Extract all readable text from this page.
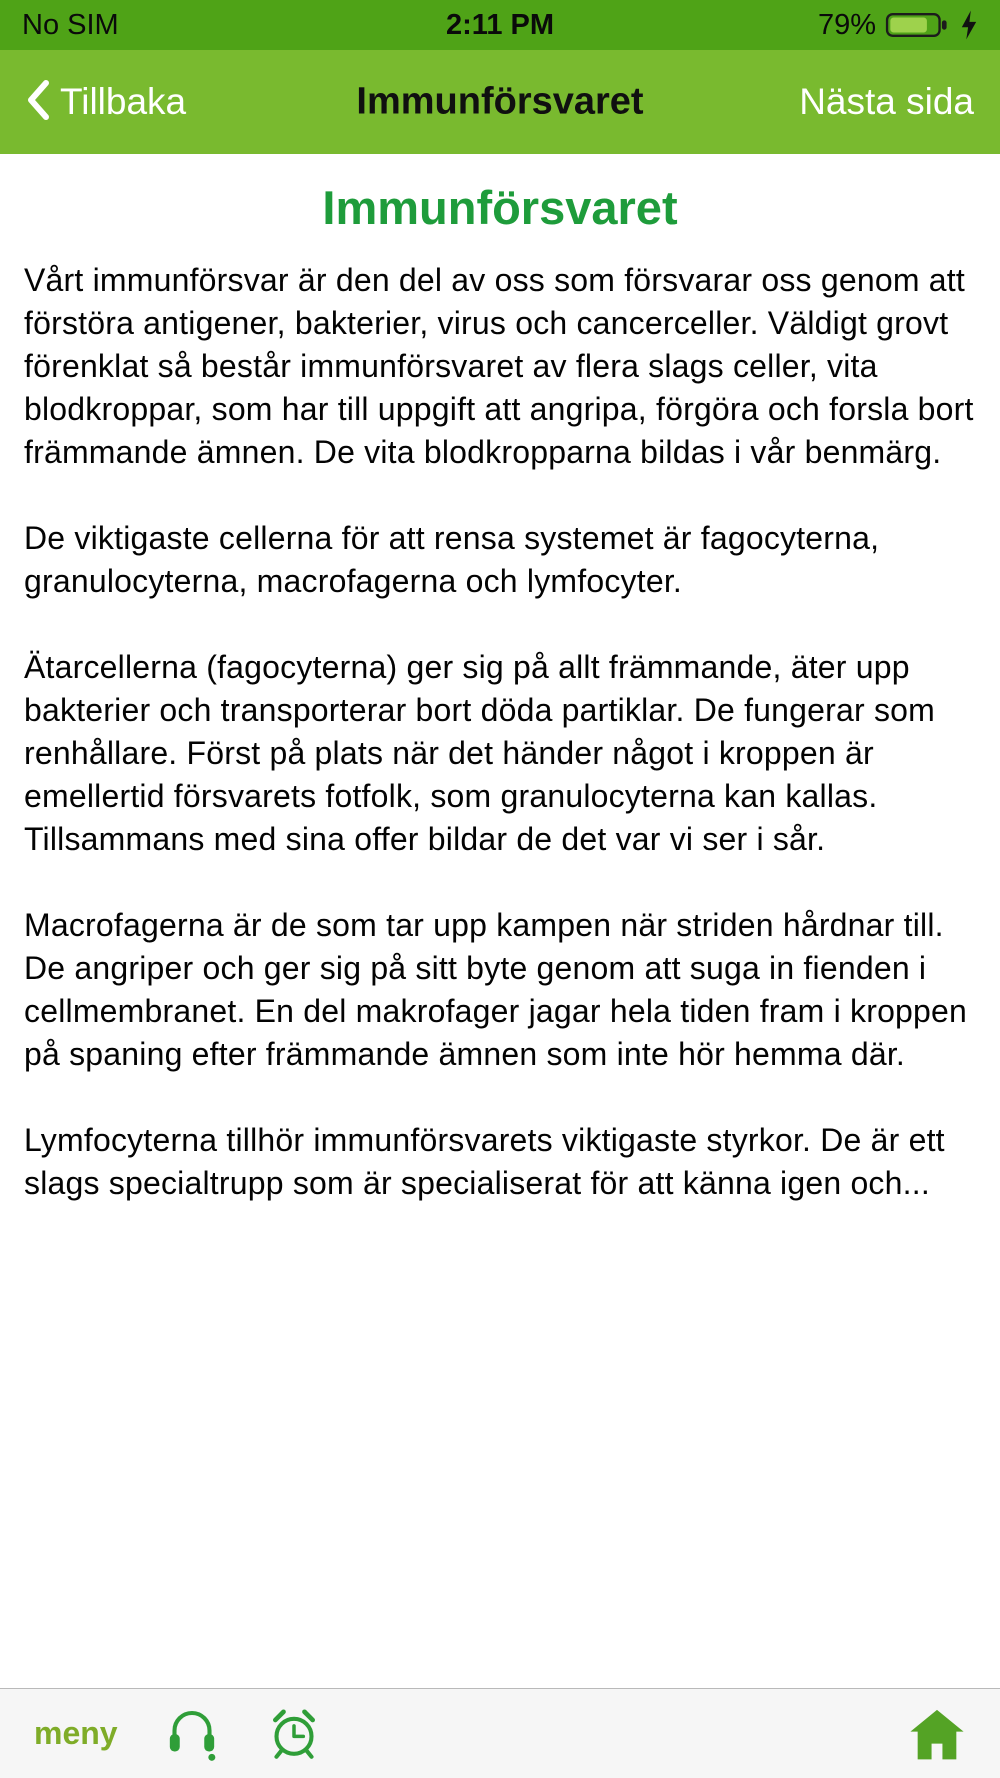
No SIM	2:11 PM	79%
Tillbaka	Immunförsvaret	Nästa sida
Immunförsvaret

Vårt immunförsvar är den del av oss som försvarar oss genom att förstöra antigener, bakterier, virus och cancerceller. Väldigt grovt förenklat så består immunförsvaret av flera slags celler, vita blodkroppar, som har till uppgift att angripa, förgöra och forsla bort främmande ämnen. De vita blodkropparna bildas i vår benmärg.

De viktigaste cellerna för att rensa systemet är fagocyterna, granulocyterna, macrofagerna och lymfocyter.

Ätarcellerna (fagocyterna) ger sig på allt främmande, äter upp bakterier och transporterar bort döda partiklar. De fungerar som renhållare. Först på plats när det händer något i kroppen är emellertid försvarets fotfolk, som granulocyterna kan kallas. Tillsammans med sina offer bildar de det var vi ser i sår.

Macrofagerna är de som tar upp kampen när striden hårdnar till. De angriper och ger sig på sitt byte genom att suga in fienden i cellmembranet. En del makrofager jagar hela tiden fram i kroppen på spaning efter främmande ämnen som inte hör hemma där.

Lymfocyterna tillhör immunförsvarets viktigaste styrkor. De är ett slags specialtrupp som är specialiserat för att känna igen och...

meny
